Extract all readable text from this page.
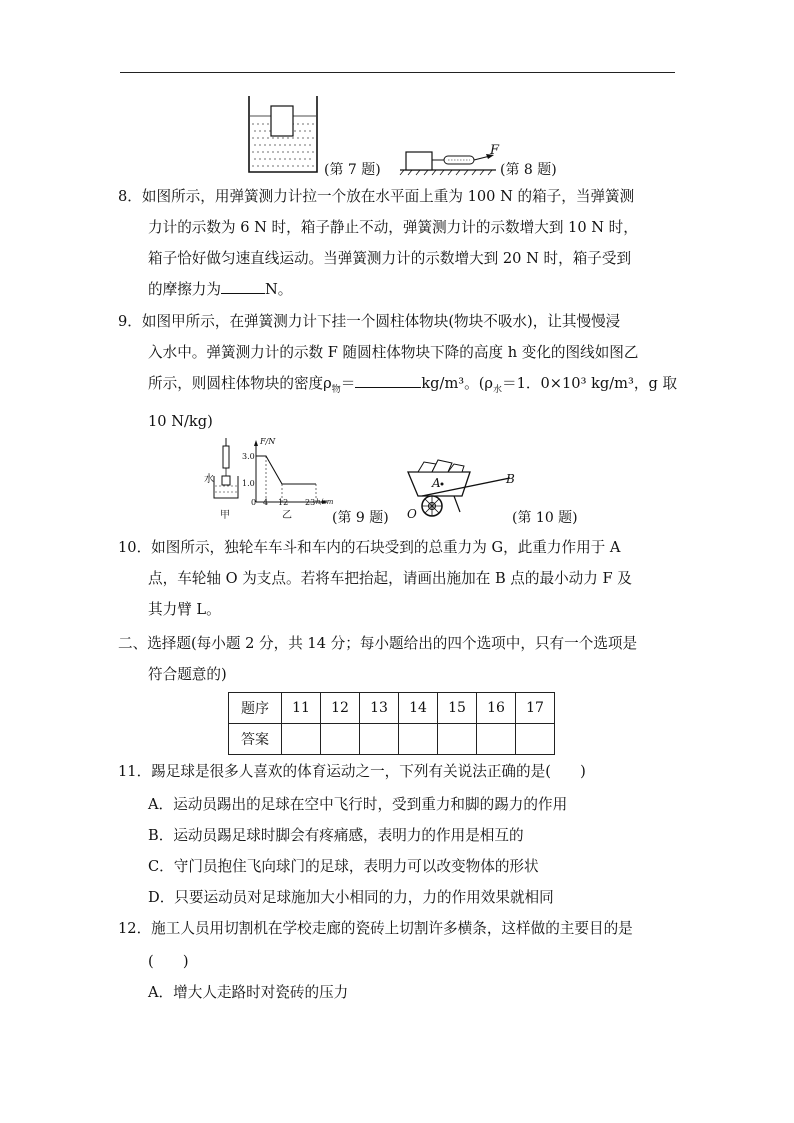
(第 7 题)
F
(第 8 题)
8．如图所示，用弹簧测力计拉一个放在水平面上重为 100 N 的箱子，当弹簧测
力计的示数为 6 N 时，箱子静止不动，弹簧测力计的示数增大到 10 N 时，
箱子恰好做匀速直线运动。当弹簧测力计的示数增大到 20 N 时，箱子受到
的摩擦力为	N。
9．如图甲所示，在弹簧测力计下挂一个圆柱体物块(物块不吸水)，让其慢慢浸
入水中。弹簧测力计的示数 F 随圆柱体物块下降的高度 h 变化的图线如图乙
所示，则圆柱体物块的密度$\rho_物=$	kg/m³。($\rho_水=1$．0×10³ kg/m³，g 取
10 N/kg)
水
甲	乙
F/N
3.0
1.0
0 4 12 23 h/cm
(第 9 题)
A	B
O	(第 10 题)
10．如图所示，独轮车车斗和车内的石块受到的总重力为 G，此重力作用于 A
点，车轮轴 O 为支点。若将车把抬起，请画出施加在 B 点的最小动力 F 及
其力臂 L。
二、选择题(每小题 2 分，共 14 分；每小题给出的四个选项中，只有一个选项是
符合题意的)
题序	11	12	13	14	15	16	17
答案							
11．踢足球是很多人喜欢的体育运动之一，下列有关说法正确的是(　　)
A．运动员踢出的足球在空中飞行时，受到重力和脚的踢力的作用
B．运动员踢足球时脚会有疼痛感，表明力的作用是相互的
C．守门员抱住飞向球门的足球，表明力可以改变物体的形状
D．只要运动员对足球施加大小相同的力，力的作用效果就相同
12．施工人员用切割机在学校走廊的瓷砖上切割许多横条，这样做的主要目的是
(　　)
A．增大人走路时对瓷砖的压力
